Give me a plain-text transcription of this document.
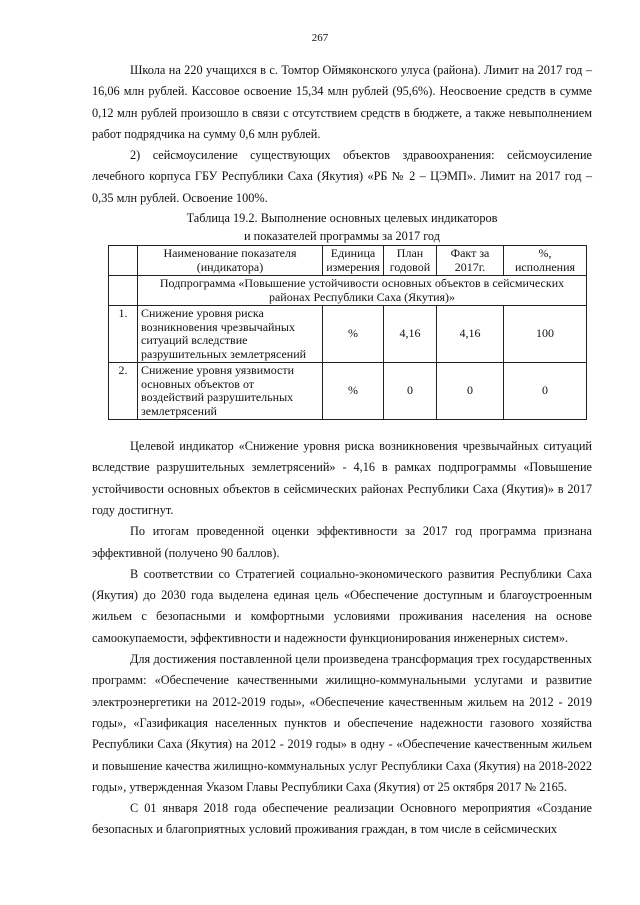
267

Школа на 220 учащихся в с. Томтор Оймяконского улуса (района). Лимит на 2017 год – 16,06 млн рублей. Кассовое освоение 15,34 млн рублей (95,6%). Неосвоение средств в сумме 0,12 млн рублей произошло в связи с отсутствием средств в бюджете, а также невыполнением работ подрядчика на сумму 0,6 млн рублей.

2) сейсмоусиление существующих объектов здравоохранения: сейсмоусиление лечебного корпуса ГБУ Республики Саха (Якутия) «РБ № 2 – ЦЭМП». Лимит на 2017 год – 0,35 млн рублей. Освоение 100%.

Таблица 19.2. Выполнение основных целевых индикаторов

и показателей программы за 2017 год

	Наименование показателя (индикатора)	Единица измерения	План годовой	Факт за 2017г.	%, исполнения
	Подпрограмма «Повышение устойчивости основных объектов в сейсмических районах Республики Саха (Якутия)»				
1.	Снижение уровня риска возникновения чрезвычайных ситуаций вследствие разрушительных землетрясений	%	4,16	4,16	100
2.	Снижение уровня уязвимости основных объектов от воздействий разрушительных землетрясений	%	0	0	0

Целевой индикатор «Снижение уровня риска возникновения чрезвычайных ситуаций вследствие разрушительных землетрясений» - 4,16 в рамках подпрограммы «Повышение устойчивости основных объектов в сейсмических районах Республики Саха (Якутия)» в 2017 году достигнут.

По итогам проведенной оценки эффективности за 2017 год программа признана эффективной (получено 90 баллов).

В соответствии со Стратегией социально-экономического развития Республики Саха (Якутия) до 2030 года выделена единая цель «Обеспечение доступным и благоустроенным жильем с безопасными и комфортными условиями проживания населения на основе самоокупаемости, эффективности и надежности функционирования инженерных систем».

Для достижения поставленной цели произведена трансформация трех государственных программ: «Обеспечение качественными жилищно-коммунальными услугами и развитие электроэнергетики на 2012-2019 годы», «Обеспечение качественным жильем на 2012 - 2019 годы», «Газификация населенных пунктов и обеспечение надежности газового хозяйства Республики Саха (Якутия) на 2012 - 2019 годы» в одну - «Обеспечение качественным жильем и повышение качества жилищно-коммунальных услуг Республики Саха (Якутия) на 2018-2022 годы», утвержденная Указом Главы Республики Саха (Якутия) от 25 октября 2017 № 2165.

С 01 января 2018 года обеспечение реализации Основного мероприятия «Создание безопасных и благоприятных условий проживания граждан, в том числе в сейсмических
